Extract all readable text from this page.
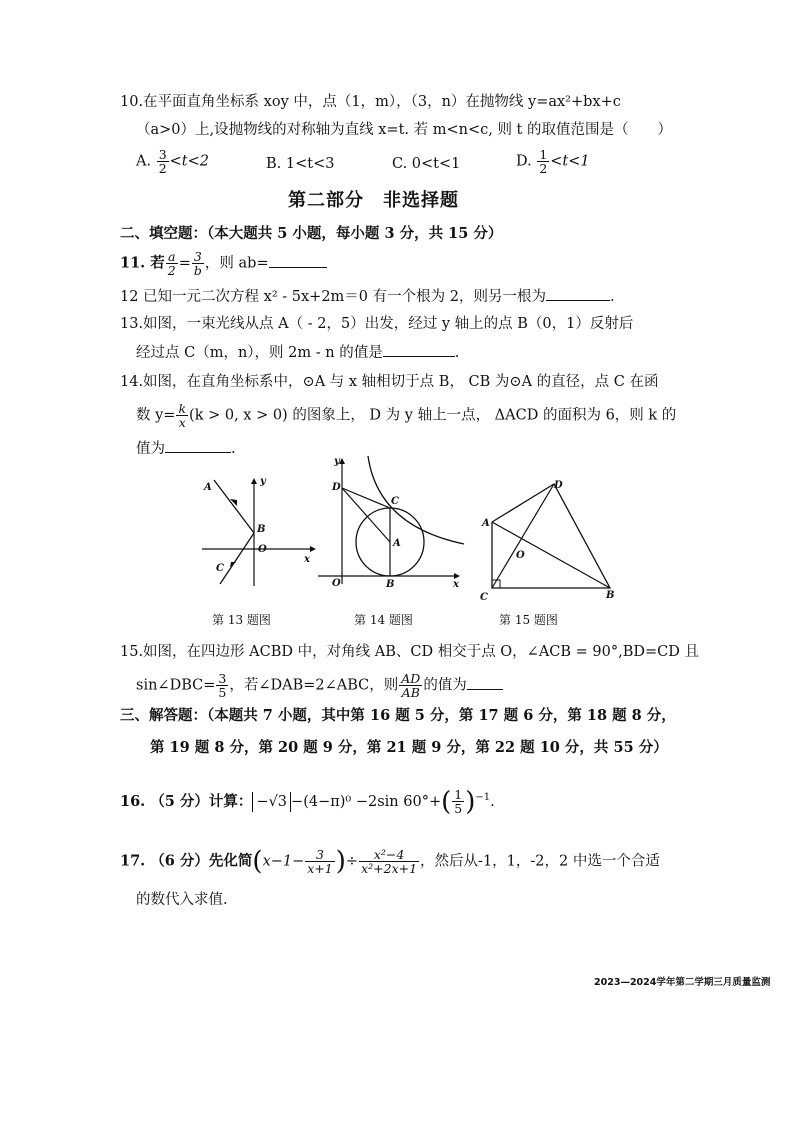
10.在平面直角坐标系 xoy 中，点（1，m），（3，n）在抛物线 y=ax²+bx+c
（a>0）上,设抛物线的对称轴为直线 x=t. 若 m<n<c, 则 t 的取值范围是（　　）
A. $\frac{3}{2} <t<2$	B. 1<t<3	C. 0<t<1	D. $\frac{1}{2} <t<1$
第二部分　非选择题
二、填空题：（本大题共 5 小题，每小题 3 分，共 15 分）
11. 若 $\frac{a}{2} = \frac{3}{b}$ ，则 ab=
12 已知一元二次方程 x² - 5x+2m＝0 有一个根为 2，则另一根为	.
13.如图，一束光线从点 A（ - 2，5）出发，经过 y 轴上的点 B（0，1）反射后
经过点 C（m，n），则 2m - n 的值是	.
14.如图，在直角坐标系中，⊙A 与 x 轴相切于点 B， CB 为⊙A 的直径，点 C 在函
数 $y= \frac{k}{x} (k > 0$, x > 0) 的图象上， D 为 y 轴上一点， ΔACD 的面积为 6，则 k 的
值为	.
A
B
C
O
x
y
D
C
A
O	B	x
y
D
A
O
C	B
第 13 题图	第 14 题图	第 15 题图
15.如图，在四边形 ACBD 中，对角线 AB、CD 相交于点 O，∠ACB = 90°,BD=CD 且
sin∠DBC= $\frac{3}{5}$ ，若∠DAB=2∠ABC，则 $\frac{AD}{AB}$ 的值为
三、解答题：（本题共 7 小题，其中第 16 题 5 分，第 17 题 6 分，第 18 题 8 分，
第 19 题 8 分，第 20 题 9 分，第 21 题 9 分，第 22 题 10 分，共 55 分）
16. （5 分）计算： −√3 −(4−π)⁰ −2sin $60^\circ+( \frac{1}{5} )^{-1}$.
17. （6 分）先化简($x-1- \frac{3}{x+1}$ )÷ $\frac{\text{x²−4}}{\text{x²+2x+1}}$ ，然后从-1，1，-2，2 中选一个合适
的数代入求值.
2023—2024学年第二学期三月质量监测
